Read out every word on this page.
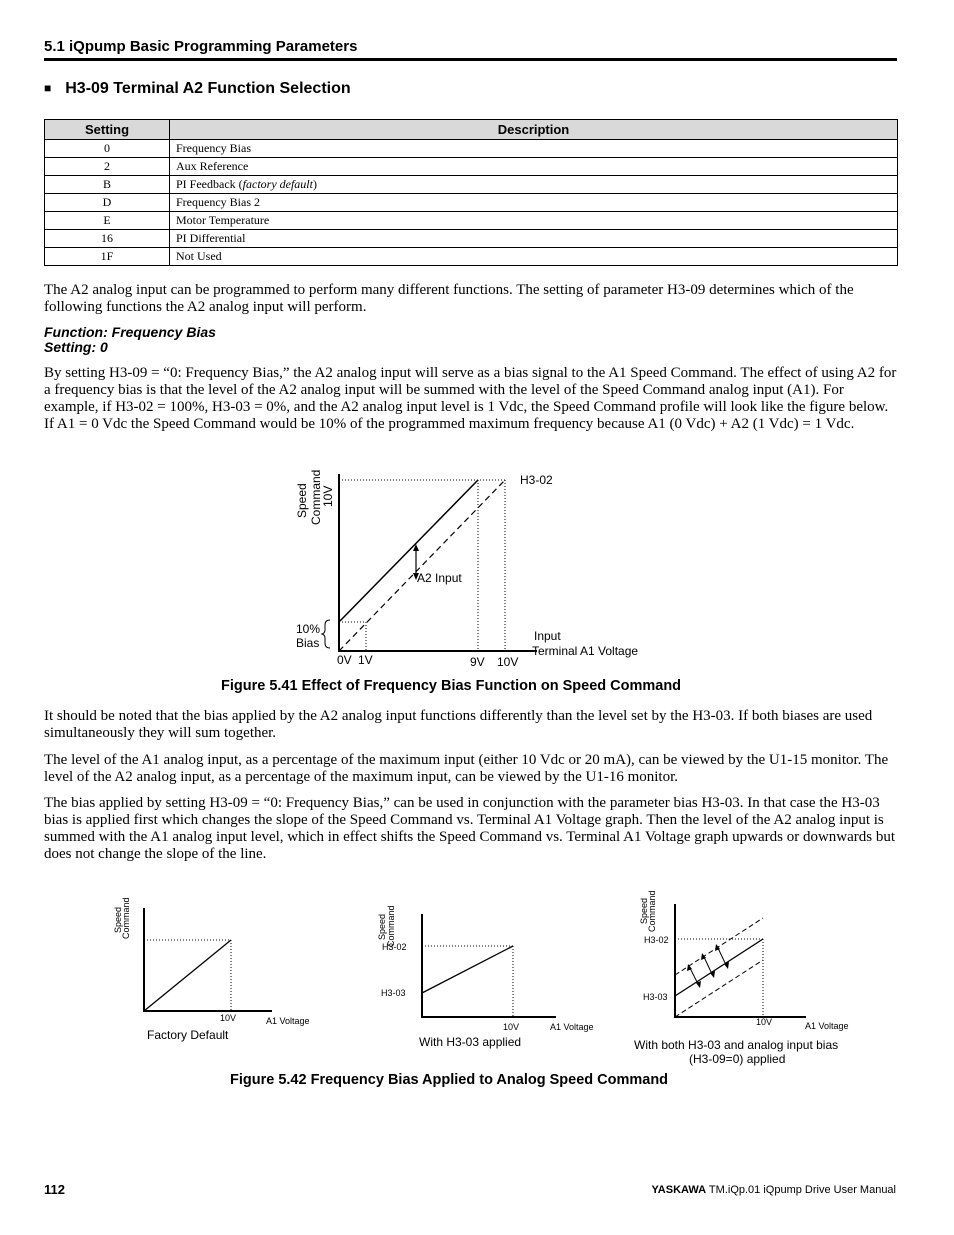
5.1 iQpump Basic Programming Parameters
■ H3-09 Terminal A2 Function Selection
Setting	Description
0	Frequency Bias
2	Aux Reference
B	PI Feedback (factory default)
D	Frequency Bias 2
E	Motor Temperature
16	PI Differential
1F	Not Used

The A2 analog input can be programmed to perform many different functions. The setting of parameter H3-09 determines which of the following functions the A2 analog input will perform.

Function: Frequency Bias
Setting: 0

By setting H3-09 = “0: Frequency Bias,” the A2 analog input will serve as a bias signal to the A1 Speed Command. The effect of using A2 for a frequency bias is that the level of the A2 analog input will be summed with the level of the Speed Command analog input (A1). For example, if H3-02 = 100%, H3-03 = 0%, and the A2 analog input level is 1 Vdc, the Speed Command profile will look like the figure below. If A1 = 0 Vdc the Speed Command would be 10% of the programmed maximum frequency because A1 (0 Vdc) + A2 (1 Vdc) = 1 Vdc.

Speed Command
10V
H3-02
A2 Input
10%
Bias	Input
Terminal A1 Voltage
0V 1V	9V 10V
Figure 5.41 Effect of Frequency Bias Function on Speed Command

It should be noted that the bias applied by the A2 analog input functions differently than the level set by the H3-03. If both biases are used simultaneously they will sum together.

The level of the A1 analog input, as a percentage of the maximum input (either 10 Vdc or 20 mA), can be viewed by the U1-15 monitor. The level of the A2 analog input, as a percentage of the maximum input, can be viewed by the U1-16 monitor.

The bias applied by setting H3-09 = “0: Frequency Bias,” can be used in conjunction with the parameter bias H3-03. In that case the H3-03 bias is applied first which changes the slope of the Speed Command vs. Terminal A1 Voltage graph. Then the level of the A2 analog input is summed with the A1 analog input level, which in effect shifts the Speed Command vs. Terminal A1 Voltage graph upwards or downwards but does not change the slope of the line.

Speed
Command
10V	A1 Voltage
Factory Default
Speed Command
H3-02
H3-03
10V	A1 Voltage
With H3-03 applied
Speed
Command
H3-02
H3-03
10V	A1 Voltage
With both H3-03 and analog input bias
(H3-09=0) applied
Figure 5.42 Frequency Bias Applied to Analog Speed Command
112	YASKAWA TM.iQp.01 iQpump Drive User Manual
